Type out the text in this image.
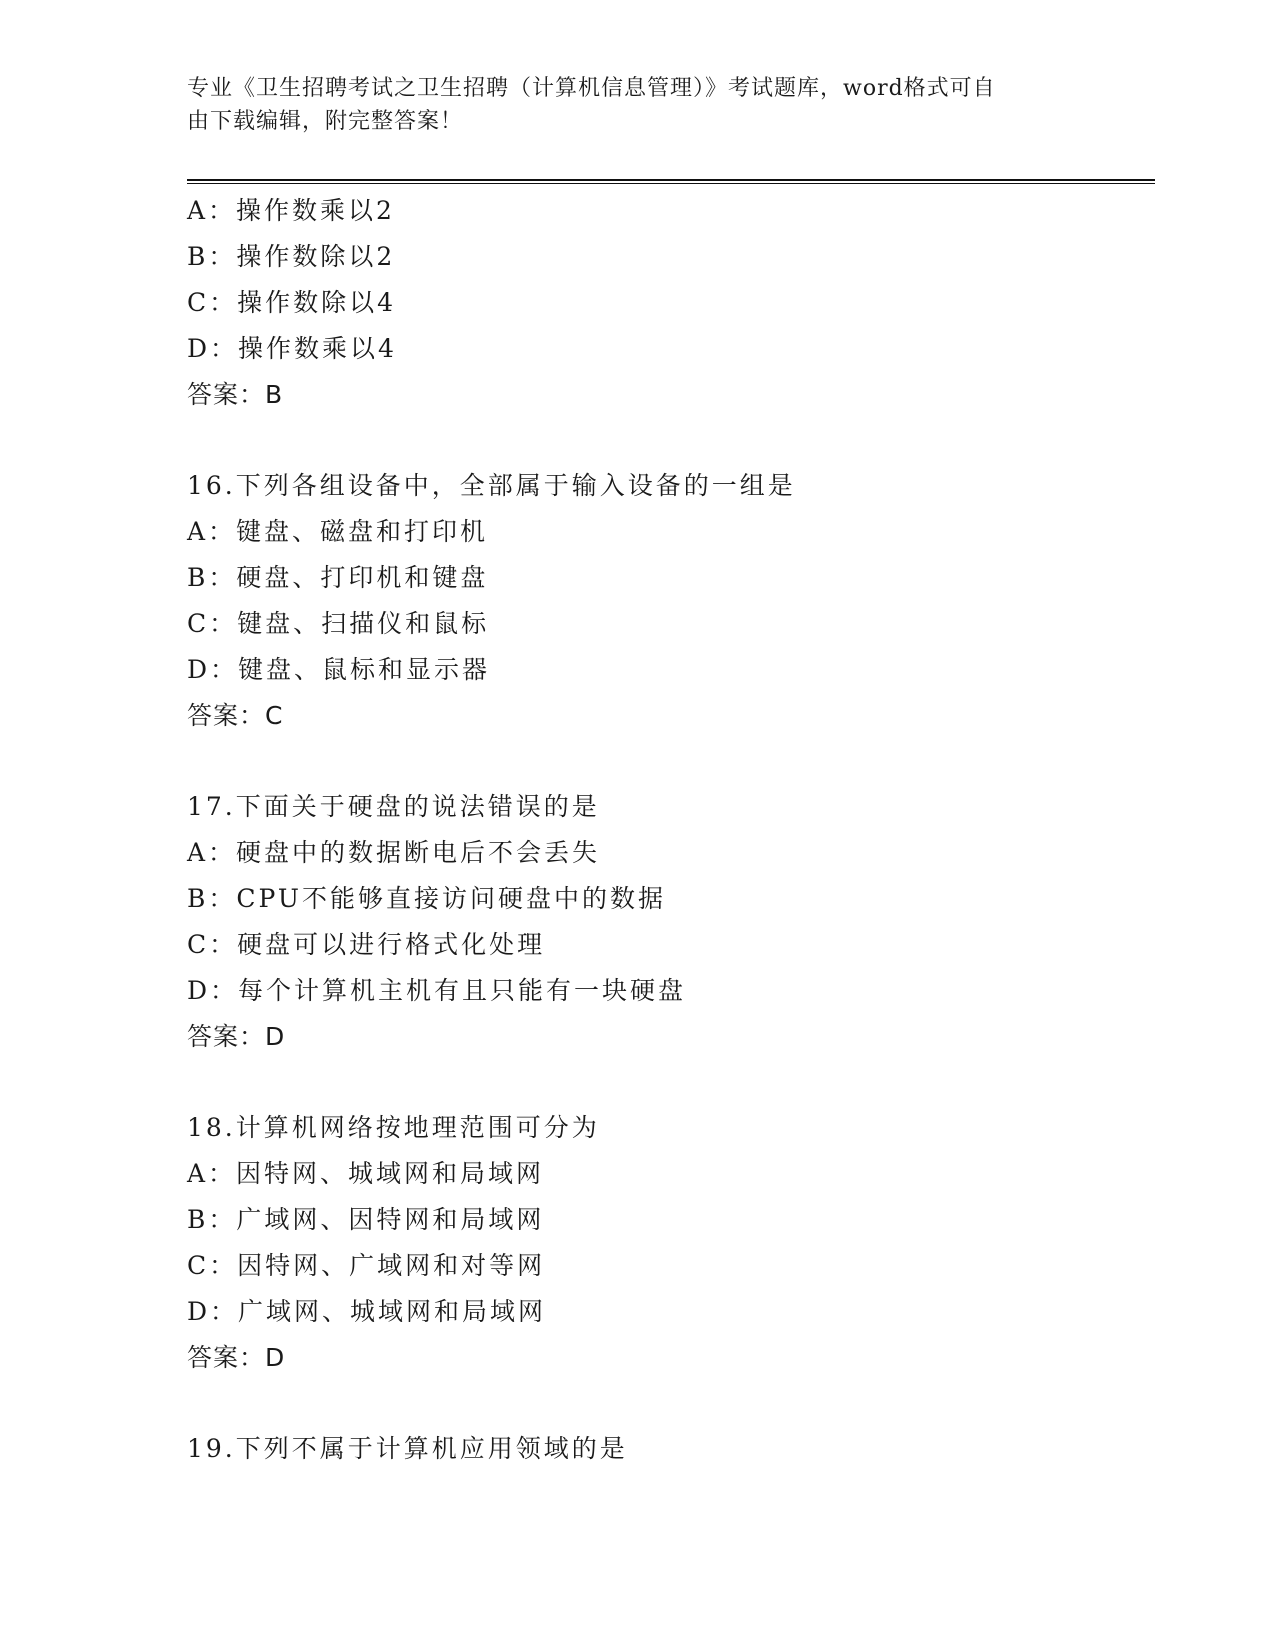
专业《卫生招聘考试之卫生招聘（计算机信息管理）》考试题库，word格式可自
由下载编辑，附完整答案！
A：操作数乘以2
B：操作数除以2
C：操作数除以4
D：操作数乘以4
答案：B
16.下列各组设备中，全部属于输入设备的一组是
A：键盘、磁盘和打印机
B：硬盘、打印机和键盘
C：键盘、扫描仪和鼠标
D：键盘、鼠标和显示器
答案：C
17.下面关于硬盘的说法错误的是
A：硬盘中的数据断电后不会丢失
B：CPU不能够直接访问硬盘中的数据
C：硬盘可以进行格式化处理
D：每个计算机主机有且只能有一块硬盘
答案：D
18.计算机网络按地理范围可分为
A：因特网、城域网和局域网
B：广域网、因特网和局域网
C：因特网、广域网和对等网
D：广域网、城域网和局域网
答案：D
19.下列不属于计算机应用领域的是
